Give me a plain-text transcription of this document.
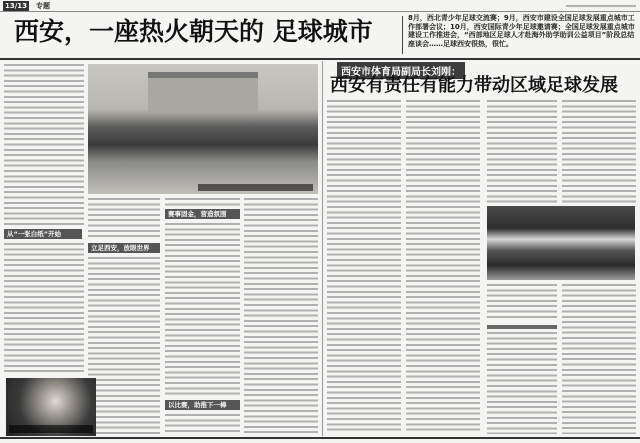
13/13 专题
西安，一座热火朝天的 足球城市	8月，西北青少年足球交流赛；9月，西安市建设全国足球发展重点城市工作部署会议；10月，西安国际青少年足球邀请赛；全国足球发展重点城市建设工作推进会，“西部地区足球人才赴海外助学助训公益项目”阶段总结座谈会……足球西安很热，很忙。
从“一张白纸”开始
立足西安，放眼世界
赛事固金，营造氛围
以比赛，助推下一棒
西安市体育局副局长刘刚：
西安有责任有能力带动区域足球发展
